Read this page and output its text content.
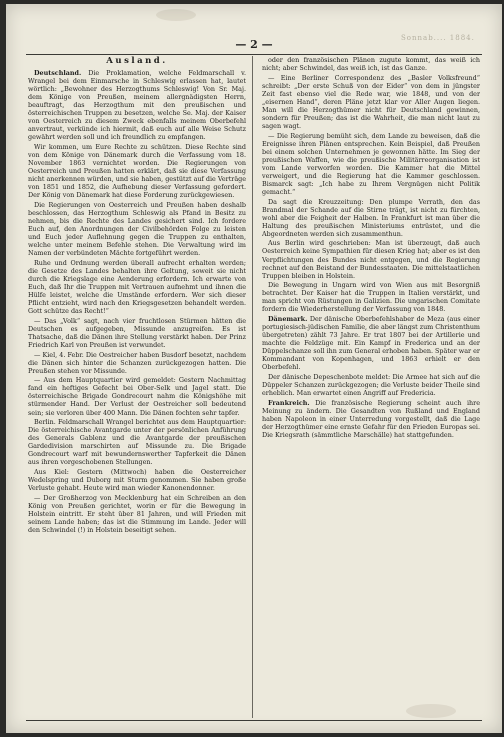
Sonnab.... 1884.
— 2 —
Ausland.

Deutschland. Die Proklamation, welche Feldmarschall v. Wrangel bei dem Einmarsche in Schleswig erlassen hat, lautet wörtlich: „Bewohner des Herzogthums Schleswig! Von Sr. Maj. dem Könige von Preußen, meinem allergnädigsten Herrn, beauftragt, das Herzogthum mit den preußischen und österreichischen Truppen zu besetzen, welche Se. Maj. der Kaiser von Oesterreich zu diesem Zweck ebenfalls meinem Oberbefehl anvertraut, verkünde ich hiermit, daß euch auf alle Weise Schutz gewährt werden soll und ich freundlich zu empfangen.

Wir kommen, um Eure Rechte zu schützen. Diese Rechte sind von dem Könige von Dänemark durch die Verfassung vom 18. November 1863 vernichtet worden. Die Regierungen von Oesterreich und Preußen hatten erklärt, daß sie diese Verfassung nicht anerkennen würden, und sie haben, gestützt auf die Verträge von 1851 und 1852, die Aufhebung dieser Verfassung gefordert. Der König von Dänemark hat diese Forderung zurückgewiesen.

Die Regierungen von Oesterreich und Preußen haben deshalb beschlossen, das Herzogthum Schleswig als Pfand in Besitz zu nehmen, bis die Rechte des Landes gesichert sind. Ich fordere Euch auf, den Anordnungen der Civilbehörden Folge zu leisten und Euch jeder Auflehnung gegen die Truppen zu enthalten, welche unter meinem Befehle stehen. Die Verwaltung wird im Namen der verbündeten Mächte fortgeführt werden.

Ruhe und Ordnung werden überall aufrecht erhalten werden; die Gesetze des Landes behalten ihre Geltung, soweit sie nicht durch die Kriegslage eine Aenderung erfordern. Ich erwarte von Euch, daß Ihr die Truppen mit Vertrauen aufnehmt und ihnen die Hülfe leistet, welche die Umstände erfordern. Wer sich dieser Pflicht entzieht, wird nach den Kriegsgesetzen behandelt werden. Gott schütze das Recht!“

— Das „Volk“ sagt, nach vier fruchtlosen Stürmen hätten die Deutschen es aufgegeben, Missunde anzugreifen. Es ist Thatsache, daß die Dänen ihre Stellung verstärkt haben. Der Prinz Friedrich Karl von Preußen ist verwundet.

— Kiel, 4. Febr. Die Oestreicher haben Busdorf besetzt, nachdem die Dänen sich hinter die Schanzen zurückgezogen hatten. Die Preußen stehen vor Missunde.

— Aus dem Hauptquartier wird gemeldet: Gestern Nachmittag fand ein heftiges Gefecht bei Ober-Selk und Jagel statt. Die österreichische Brigade Gondrecourt nahm die Königshöhe mit stürmender Hand. Der Verlust der Oestreicher soll bedeutend sein; sie verloren über 400 Mann. Die Dänen fochten sehr tapfer.

Berlin. Feldmarschall Wrangel berichtet aus dem Hauptquartier: Die österreichische Avantgarde unter der persönlichen Anführung des Generals Gablenz und die Avantgarde der preußischen Gardedivision marschirten auf Missunde zu. Die Brigade Gondrecourt warf mit bewundernswerther Tapferkeit die Dänen aus ihren vorgeschobenen Stellungen.

Aus Kiel: Gestern (Mittwoch) haben die Oesterreicher Wedelspring und Duborg mit Sturm genommen. Sie haben große Verluste gehabt. Heute wird man wieder Kanonendonner.

— Der Großherzog von Mecklenburg hat ein Schreiben an den König von Preußen gerichtet, worin er für die Bewegung in Holstein eintritt. Er steht über 81 Jahren, und will Frieden mit seinem Lande haben; das ist die Stimmung im Lande. Jeder will den Schwindel (!) in Holstein beseitigt sehen.

oder den französischen Plänen zugute kommt, das weiß ich nicht; aber Schwindel, das weiß ich, ist das Ganze.

— Eine Berliner Correspondenz des „Basler Volksfreund“ schreibt: „Der erste Schuß von der Eider“ von dem in jüngster Zeit fast ebenso viel die Rede war, wie 1848, und von der „eisernen Hand“, deren Pläne jetzt klar vor Aller Augen liegen. Man will die Herzogthümer nicht für Deutschland gewinnen, sondern für Preußen; das ist die Wahrheit, die man nicht laut zu sagen wagt.

— Die Regierung bemüht sich, dem Lande zu beweisen, daß die Ereignisse ihren Plänen entsprechen. Kein Beispiel, daß Preußen bei einem solchen Unternehmen je gewonnen hätte. Im Sieg der preußischen Waffen, wie die preußische Militärreorganisation ist vom Lande verworfen worden. Die Kammer hat die Mittel verweigert, und die Regierung hat die Kammer geschlossen. Bismarck sagt: „Ich habe zu Ihrem Vergnügen nicht Politik gemacht.“

Da sagt die Kreuzzeitung: Den plumpe Verrath, den das Brandmal der Schande auf die Stirne trägt, ist nicht zu fürchten, wohl aber die Feigheit der Halben. In Frankfurt ist man über die Haltung des preußischen Ministeriums entrüstet, und die Abgeordneten werden sich zusammenthun.

Aus Berlin wird geschrieben: Man ist überzeugt, daß auch Oesterreich keine Sympathien für diesen Krieg hat; aber es ist den Verpflichtungen des Bundes nicht entgegen, und die Regierung rechnet auf den Beistand der Bundesstaaten. Die mittelstaatlichen Truppen bleiben in Holstein.

Die Bewegung in Ungarn wird von Wien aus mit Besorgniß betrachtet. Der Kaiser hat die Truppen in Italien verstärkt, und man spricht von Rüstungen in Galizien. Die ungarischen Comitate fordern die Wiederherstellung der Verfassung von 1848.

Dänemark. Der dänische Oberbefehlshaber de Meza (aus einer portugiesisch-jüdischen Familie, die aber längst zum Christenthum übergetreten) zählt 73 Jahre. Er trat 1807 bei der Artillerie und machte die Feldzüge mit. Ein Kampf in Frederica und an der Düppelschanze soll ihn zum General erhoben haben. Später war er Kommandant von Kopenhagen, und 1863 erhielt er den Oberbefehl.

Der dänische Depeschenbote meldet: Die Armee hat sich auf die Düppeler Schanzen zurückgezogen; die Verluste beider Theile sind erheblich. Man erwartet einen Angriff auf Fredericia.

Frankreich. Die französische Regierung scheint auch ihre Meinung zu ändern. Die Gesandten von Rußland und England haben Napoleon in einer Unterredung vorgestellt, daß die Lage der Herzogthümer eine ernste Gefahr für den Frieden Europas sei. Die Kriegsrath (sämmtliche Marschälle) hat stattgefunden.
